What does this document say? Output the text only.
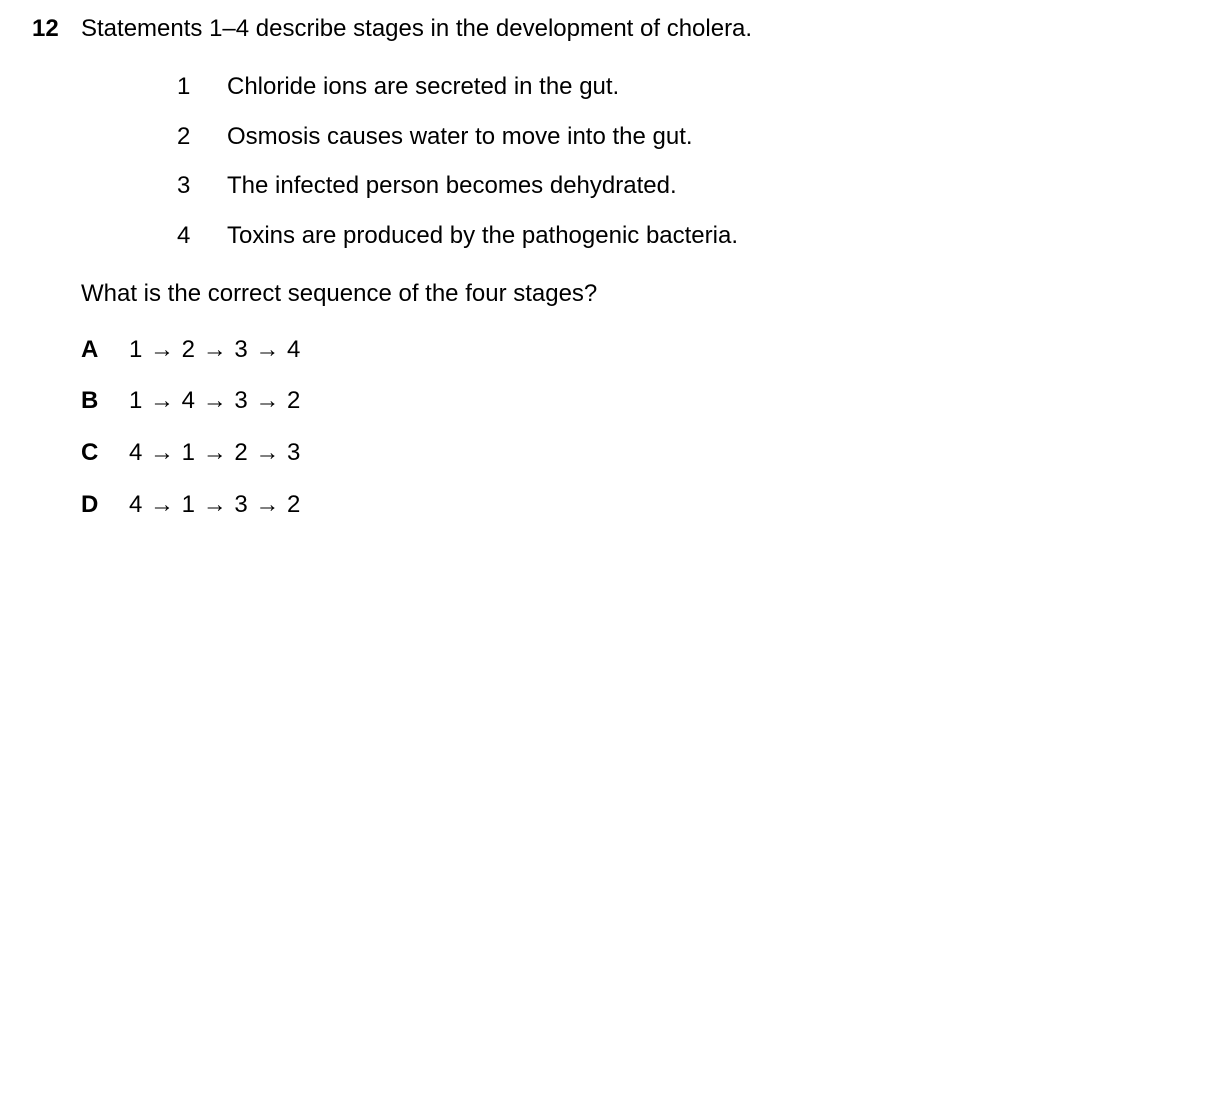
12 Statements 1–4 describe stages in the development of cholera.
1 Chloride ions are secreted in the gut.
2 Osmosis causes water to move into the gut.
3 The infected person becomes dehydrated.
4 Toxins are produced by the pathogenic bacteria.
What is the correct sequence of the four stages?
A 1 → 2 → 3 → 4
B 1 → 4 → 3 → 2
C 4 → 1 → 2 → 3
D 4 → 1 → 3 → 2
